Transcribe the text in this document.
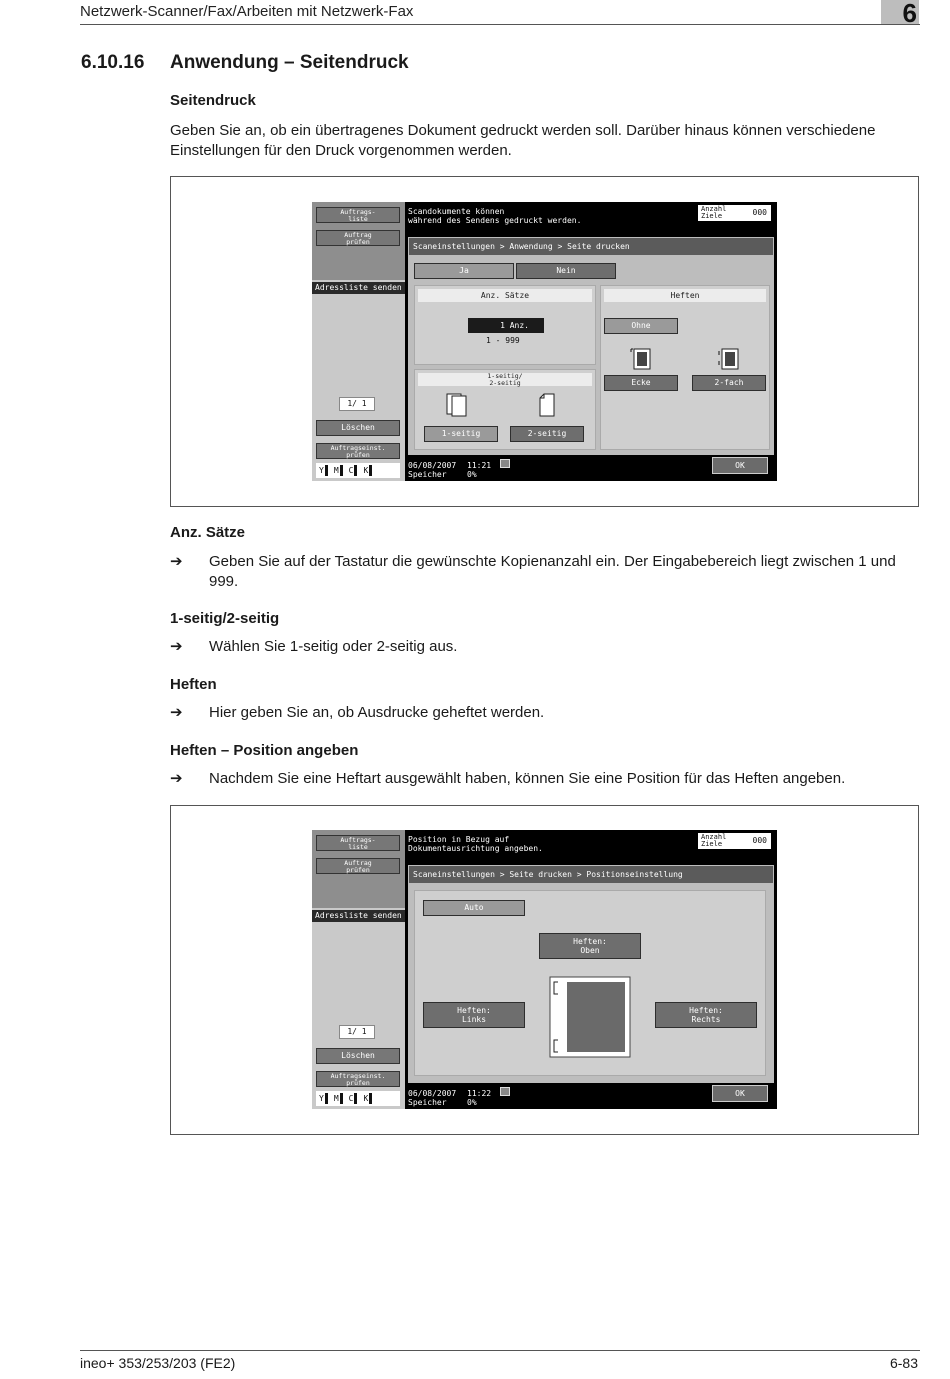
Netzwerk-Scanner/Fax/Arbeiten mit Netzwerk-Fax	6
6.10.16 Anwendung – Seitendruck
Seitendruck
Geben Sie an, ob ein übertragenes Dokument gedruckt werden soll. Darüber hinaus können verschiedene Einstellungen für den Druck vorgenommen werden.
Auftrags-
liste
Auftrag
prüfen
Adressliste senden
1/ 1
Löschen
Auftragseinst.
prüfen
Y M C K
Scandokumente können
während des Sendens gedruckt werden.
Anzahl
Ziele	000
Scaneinstellungen > Anwendung > Seite drucken
Ja	Nein
Anz. Sätze
1 Anz.
1 - 999
Heften
Ohne
Ecke	2-fach
1-seitig/
2-seitig
1-seitig	2-seitig
06/08/2007
Speicher
11:21
0%
OK
Anz. Sätze
➔ Geben Sie auf der Tastatur die gewünschte Kopienanzahl ein. Der Eingabebereich liegt zwischen 1 und 999.
1-seitig/2-seitig
➔ Wählen Sie 1-seitig oder 2-seitig aus.
Heften
➔ Hier geben Sie an, ob Ausdrucke geheftet werden.
Heften – Position angeben
➔ Nachdem Sie eine Heftart ausgewählt haben, können Sie eine Position für das Heften angeben.
Auftrags-
liste
Auftrag
prüfen
Adressliste senden
1/ 1
Löschen
Auftragseinst.
prüfen
Y M C K
Position in Bezug auf
Dokumentausrichtung angeben.
Anzahl
Ziele	000
Scaneinstellungen > Seite drucken > Positionseinstellung
Auto
Heften:
Oben
Heften:
Links
Heften:
Rechts
06/08/2007
Speicher
11:22
0%
OK
ineo+ 353/253/203 (FE2)	6-83
